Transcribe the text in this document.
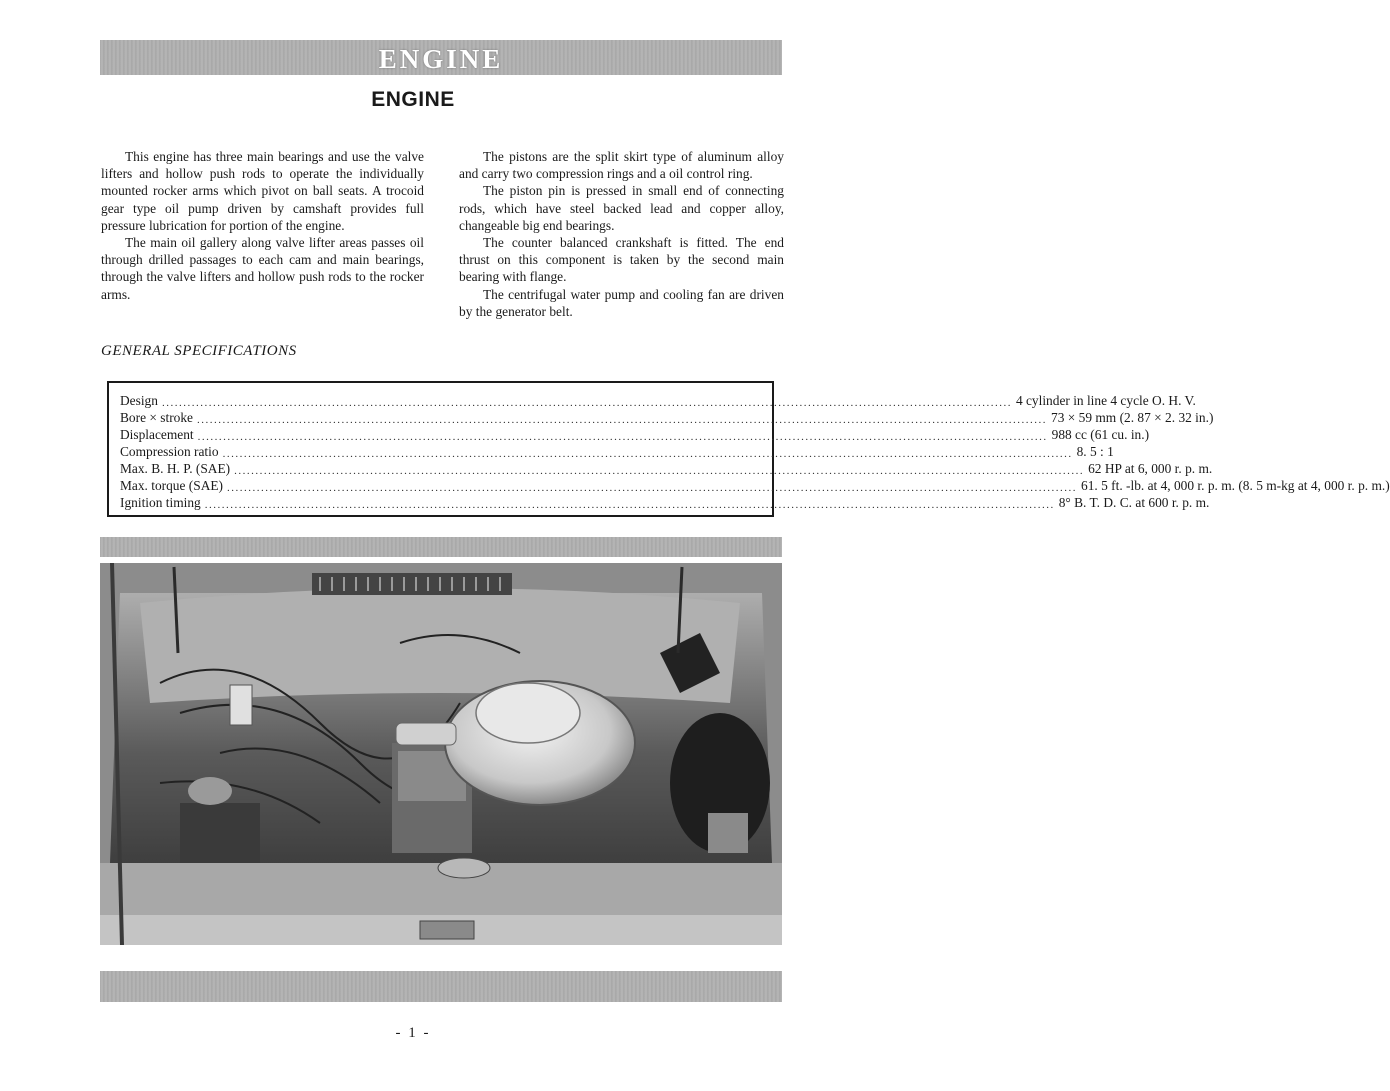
ENGINE
ENGINE

This engine has three main bearings and use the valve lifters and hollow push rods to operate the individually mounted rocker arms which pivot on ball seats. A trocoid gear type oil pump driven by camshaft provides full pressure lubrication for portion of the engine.

The main oil gallery along valve lifter areas passes oil through drilled passages to each cam and main bearings, through the valve lifters and hollow push rods to the rocker arms.

The pistons are the split skirt type of aluminum alloy and carry two compression rings and a oil control ring.

The piston pin is pressed in small end of connecting rods, which have steel backed lead and copper alloy, changeable big end bearings.

The counter balanced crankshaft is fitted. The end thrust on this component is taken by the second main bearing with flange.

The centrifugal water pump and cooling fan are driven by the generator belt.

GENERAL SPECIFICATIONS
Design ........................................................................................................................................................................................................ 4 cylinder in line 4 cycle O. H. V.
Bore × stroke ........................................................................................................................................................................................................ 73 × 59 mm (2. 87 × 2. 32 in.)
Displacement ........................................................................................................................................................................................................ 988 cc (61 cu. in.)
Compression ratio ........................................................................................................................................................................................................ 8. 5 : 1
Max. B. H. P. (SAE) ........................................................................................................................................................................................................ 62 HP at 6, 000 r. p. m.
Max. torque (SAE) ........................................................................................................................................................................................................ 61. 5 ft. -lb. at 4, 000 r. p. m. (8. 5 m-kg at 4, 000 r. p. m.)
Ignition timing ........................................................................................................................................................................................................ 8° B. T. D. C. at 600 r. p. m.
- 1 -
